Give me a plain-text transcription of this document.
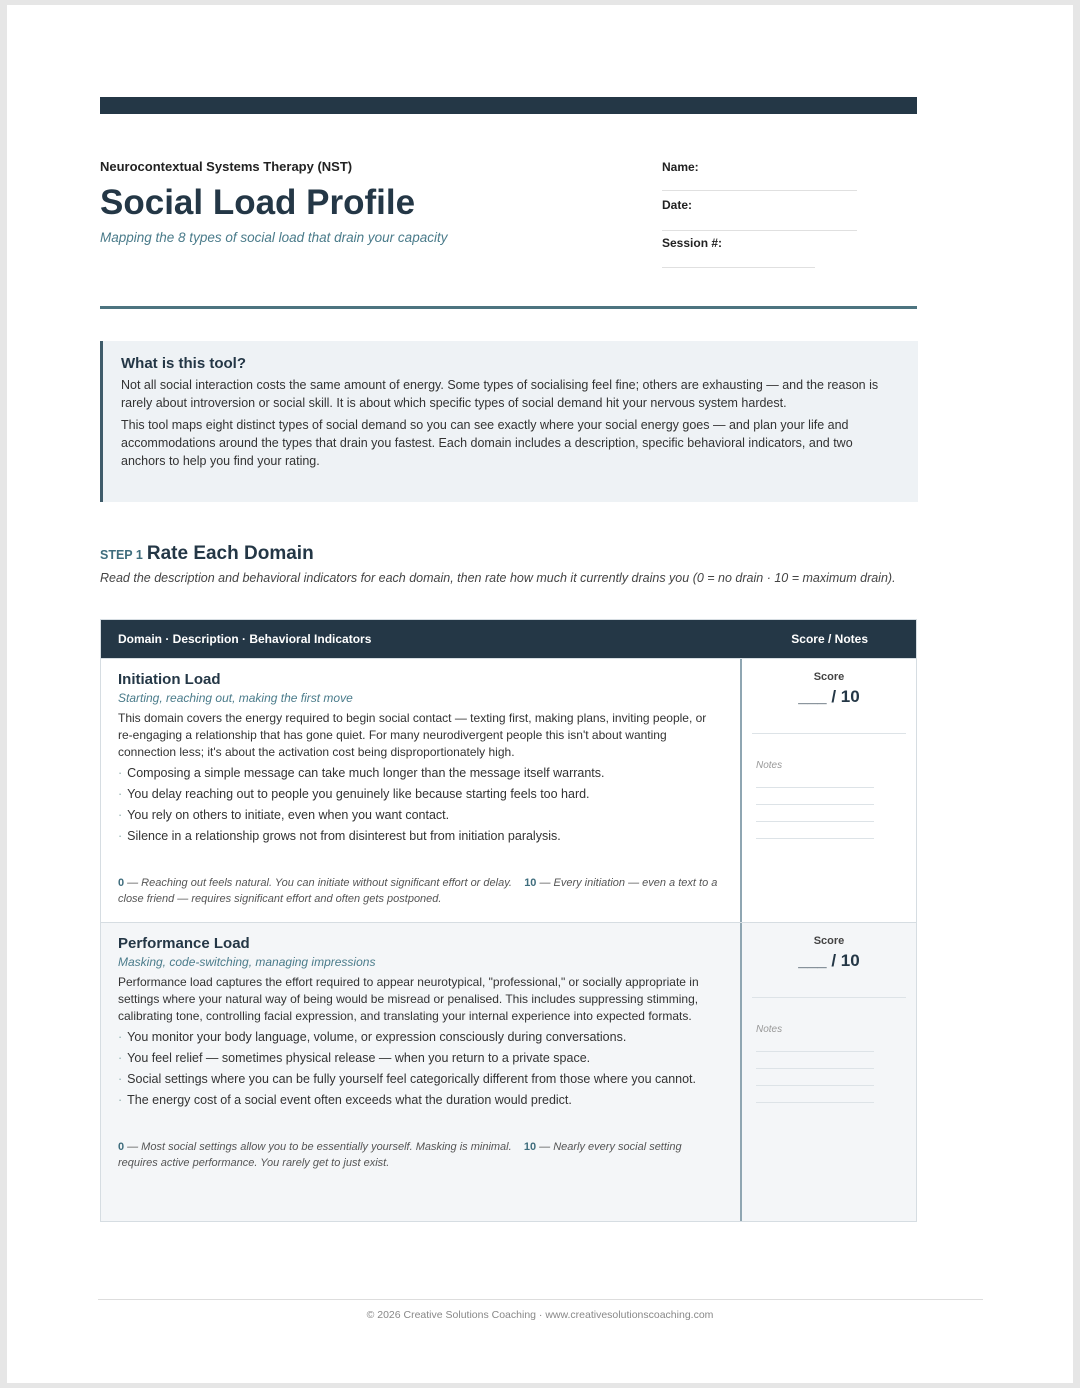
Neurocontextual Systems Therapy (NST)
Social Load Profile
Mapping the 8 types of social load that drain your capacity
Name:
Date:
Session #:
What is this tool?

Not all social interaction costs the same amount of energy. Some types of socialising feel fine; others are exhausting — and the reason is rarely about introversion or social skill. It is about which specific types of social demand hit your nervous system hardest.

This tool maps eight distinct types of social demand so you can see exactly where your social energy goes — and plan your life and accommodations around the types that drain you fastest. Each domain includes a description, specific behavioral indicators, and two anchors to help you find your rating.

STEP 1 Rate Each Domain
Read the description and behavioral indicators for each domain, then rate how much it currently drains you (0 = no drain · 10 = maximum drain).
Domain · Description · Behavioral Indicators	Score / Notes
Initiation Load
Starting, reaching out, making the first move
This domain covers the energy required to begin social contact — texting first, making plans, inviting people, or re-engaging a relationship that has gone quiet. For many neurodivergent people this isn't about wanting connection less; it's about the activation cost being disproportionately high.
· Composing a simple message can take much longer than the message itself warrants.
· You delay reaching out to people you genuinely like because starting feels too hard.
· You rely on others to initiate, even when you want contact.
· Silence in a relationship grows not from disinterest but from initiation paralysis.
0 — Reaching out feels natural. You can initiate without significant effort or delay. 10 — Every initiation — even a text to a close friend — requires significant effort and often gets postponed.
Score
___ / 10
Notes
Performance Load
Masking, code-switching, managing impressions
Performance load captures the effort required to appear neurotypical, "professional," or socially appropriate in settings where your natural way of being would be misread or penalised. This includes suppressing stimming, calibrating tone, controlling facial expression, and translating your internal experience into expected formats.
· You monitor your body language, volume, or expression consciously during conversations.
· You feel relief — sometimes physical release — when you return to a private space.
· Social settings where you can be fully yourself feel categorically different from those where you cannot.
· The energy cost of a social event often exceeds what the duration would predict.
0 — Most social settings allow you to be essentially yourself. Masking is minimal. 10 — Nearly every social setting requires active performance. You rarely get to just exist.
Score
___ / 10
Notes
© 2026 Creative Solutions Coaching · www.creativesolutionscoaching.com
